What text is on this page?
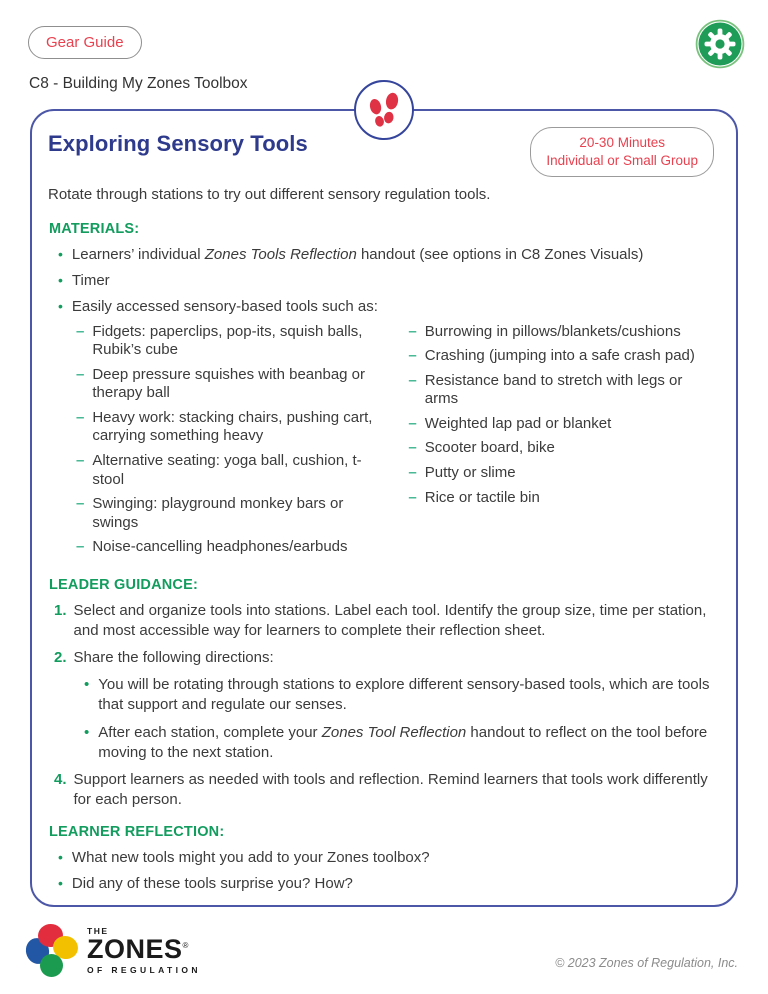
Gear Guide
C8 - Building My Zones Toolbox
Exploring Sensory Tools	20-30 Minutes
Individual or Small Group
Rotate through stations to try out different sensory regulation tools.
MATERIALS:
• Learners’ individual Zones Tools Reflection handout (see options in C8 Zones Visuals)
• Timer
• Easily accessed sensory-based tools such as:
– Fidgets: paperclips, pop-its, squish balls, Rubik’s cube
– Deep pressure squishes with beanbag or therapy ball
– Heavy work: stacking chairs, pushing cart, carrying something heavy
– Alternative seating: yoga ball, cushion, t-stool
– Swinging: playground monkey bars or swings
– Noise-cancelling headphones/earbuds
– Burrowing in pillows/blankets/cushions
– Crashing (jumping into a safe crash pad)
– Resistance band to stretch with legs or arms
– Weighted lap pad or blanket
– Scooter board, bike
– Putty or slime
– Rice or tactile bin
LEADER GUIDANCE:
1. Select and organize tools into stations. Label each tool. Identify the group size, time per station, and most accessible way for learners to complete their reflection sheet.
2. Share the following directions:
• You will be rotating through stations to explore different sensory-based tools, which are tools that support and regulate our senses.
• After each station, complete your Zones Tool Reflection handout to reflect on the tool before moving to the next station.
4. Support learners as needed with tools and reflection. Remind learners that tools work differently for each person.
LEARNER REFLECTION:
• What new tools might you add to your Zones toolbox?
• Did any of these tools surprise you? How?
THE
ZONES®
OF REGULATION	© 2023 Zones of Regulation, Inc.
